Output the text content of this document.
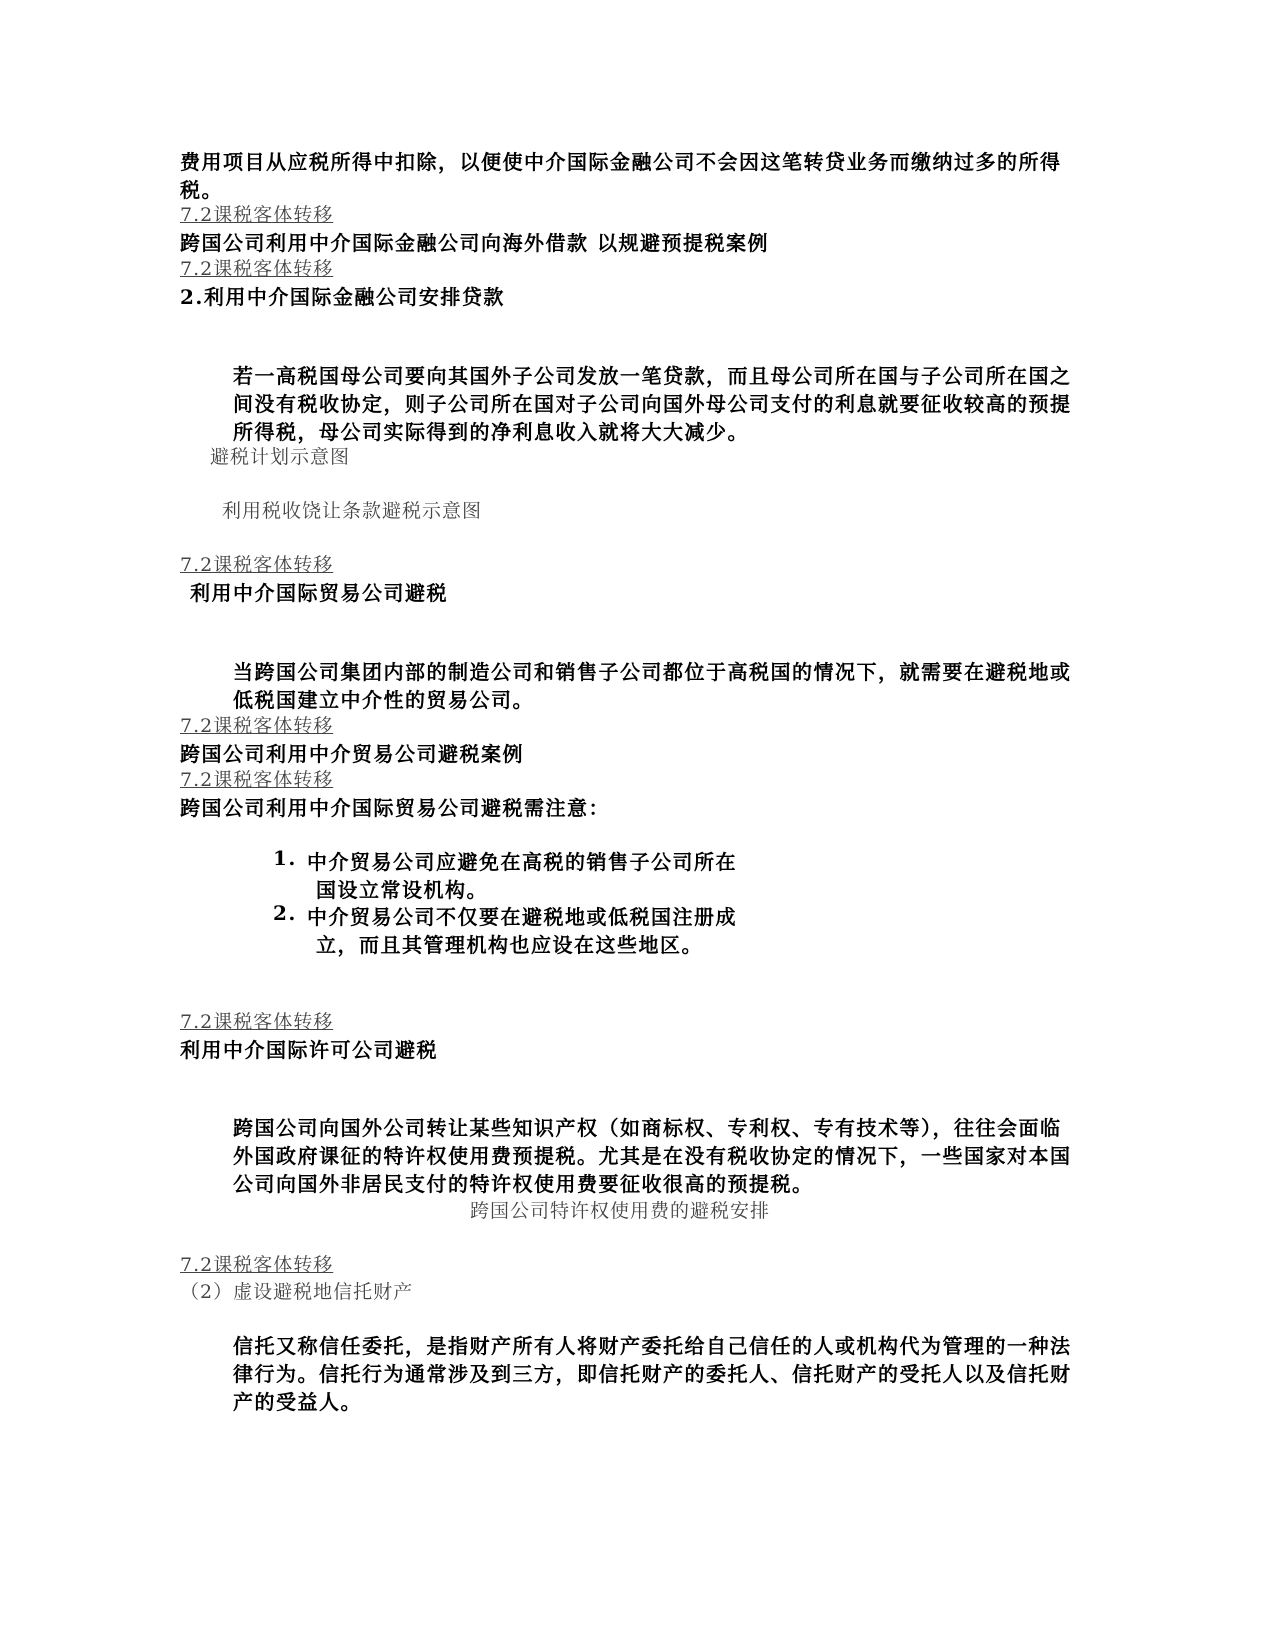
费用项目从应税所得中扣除，以便使中介国际金融公司不会因这笔转贷业务而缴纳过多的所得
税。
7.2课税客体转移
跨国公司利用中介国际金融公司向海外借款 以规避预提税案例
7.2课税客体转移
2.利用中介国际金融公司安排贷款
若一高税国母公司要向其国外子公司发放一笔贷款，而且母公司所在国与子公司所在国之
间没有税收协定，则子公司所在国对子公司向国外母公司支付的利息就要征收较高的预提
所得税，母公司实际得到的净利息收入就将大大减少。
避税计划示意图
利用税收饶让条款避税示意图
7.2课税客体转移
利用中介国际贸易公司避税
当跨国公司集团内部的制造公司和销售子公司都位于高税国的情况下，就需要在避税地或
低税国建立中介性的贸易公司。
7.2课税客体转移
跨国公司利用中介贸易公司避税案例
7.2课税客体转移
跨国公司利用中介国际贸易公司避税需注意：
1. 中介贸易公司应避免在高税的销售子公司所在
国设立常设机构。
2. 中介贸易公司不仅要在避税地或低税国注册成
立，而且其管理机构也应设在这些地区。
7.2课税客体转移
利用中介国际许可公司避税
跨国公司向国外公司转让某些知识产权（如商标权、专利权、专有技术等），往往会面临
外国政府课征的特许权使用费预提税。尤其是在没有税收协定的情况下，一些国家对本国
公司向国外非居民支付的特许权使用费要征收很高的预提税。
跨国公司特许权使用费的避税安排
7.2课税客体转移
（2）虚设避税地信托财产
信托又称信任委托，是指财产所有人将财产委托给自己信任的人或机构代为管理的一种法
律行为。信托行为通常涉及到三方，即信托财产的委托人、信托财产的受托人以及信托财
产的受益人。
